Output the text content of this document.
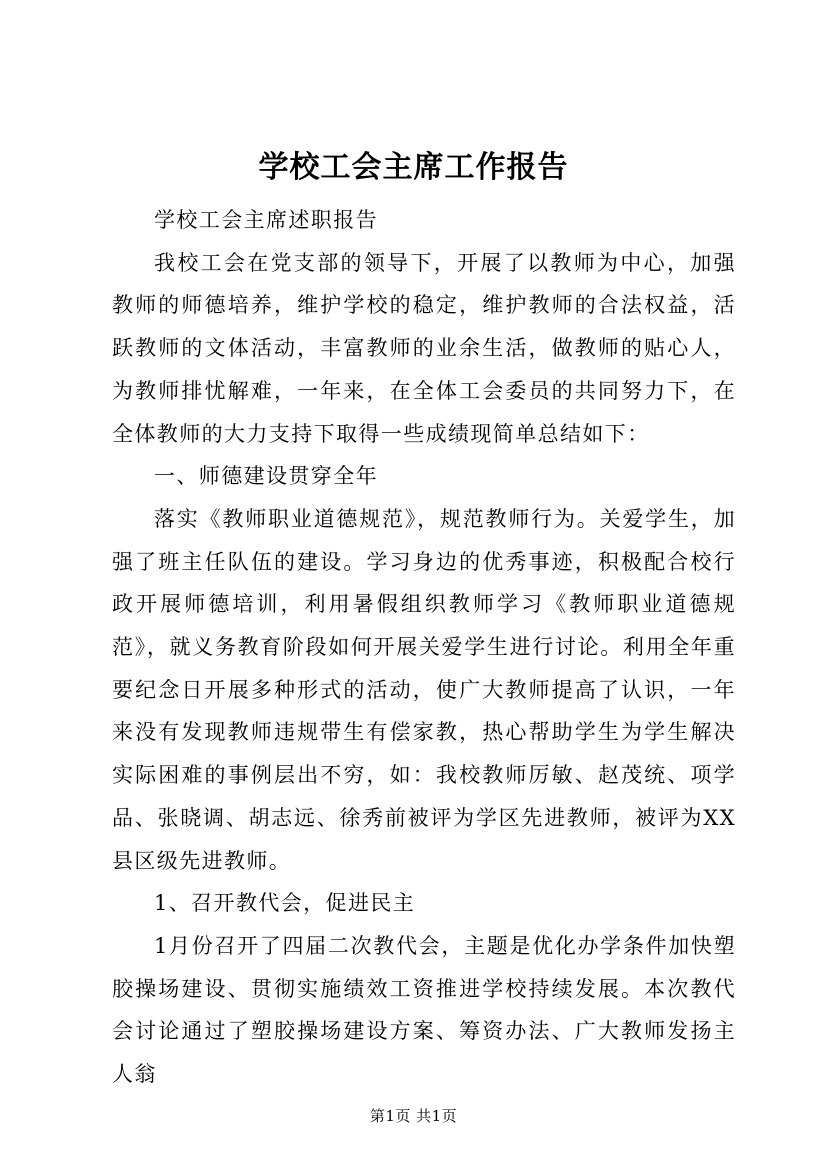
学校工会主席工作报告

学校工会主席述职报告

我校工会在党支部的领导下，开展了以教师为中心，加强教师的师德培养，维护学校的稳定，维护教师的合法权益，活跃教师的文体活动，丰富教师的业余生活，做教师的贴心人，为教师排忧解难，一年来，在全体工会委员的共同努力下，在全体教师的大力支持下取得一些成绩现简单总结如下：

一、师德建设贯穿全年

落实《教师职业道德规范》，规范教师行为。关爱学生，加强了班主任队伍的建设。学习身边的优秀事迹，积极配合校行政开展师德培训，利用暑假组织教师学习《教师职业道德规范》，就义务教育阶段如何开展关爱学生进行讨论。利用全年重要纪念日开展多种形式的活动，使广大教师提高了认识，一年来没有发现教师违规带生有偿家教，热心帮助学生为学生解决实际困难的事例层出不穷，如：我校教师厉敏、赵茂统、项学品、张晓调、胡志远、徐秀前被评为学区先进教师，被评为XX县区级先进教师。

1、召开教代会，促进民主

1月份召开了四届二次教代会，主题是优化办学条件加快塑胶操场建设、贯彻实施绩效工资推进学校持续发展。本次教代会讨论通过了塑胶操场建设方案、筹资办法、广大教师发扬主人翁

第1页 共1页
